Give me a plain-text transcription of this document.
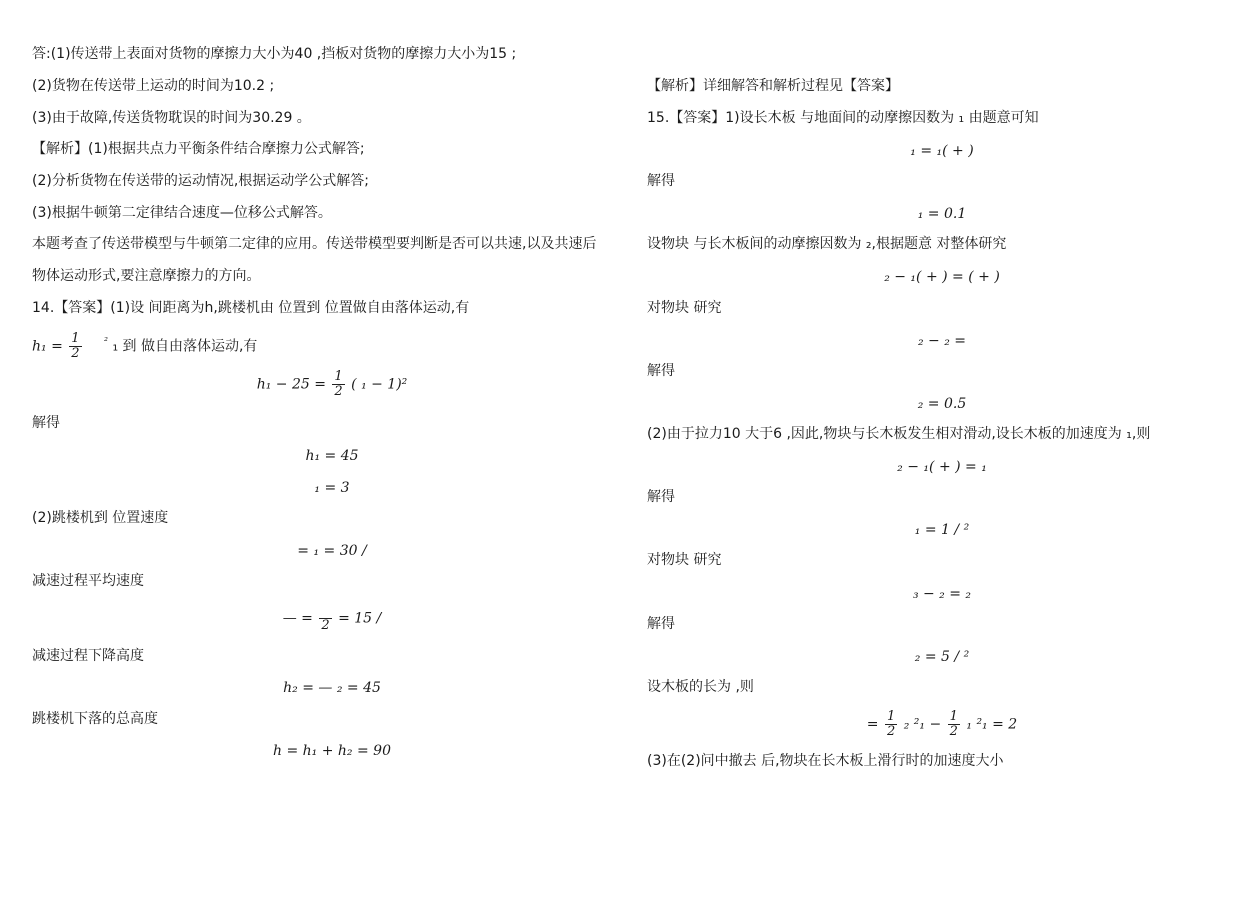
答:(1)传送带上表面对货物的摩擦力大小为40 ,挡板对货物的摩擦力大小为15 ;
(2)货物在传送带上运动的时间为10.2 ;
(3)由于故障,传送货物耽误的时间为30.29 。
【解析】(1)根据共点力平衡条件结合摩擦力公式解答;
(2)分析货物在传送带的运动情况,根据运动学公式解答;
(3)根据牛顿第二定律结合速度—位移公式解答。
本题考查了传送带模型与牛顿第二定律的应用。传送带模型要判断是否可以共速,以及共速后
物体运动形式,要注意摩擦力的方向。
14.【答案】(1)设 间距离为h,跳楼机由 位置到 位置做自由落体运动,有
$h_1 = \frac{1}{2} ^{^2}$ ₁ 到 做自由落体运动,有
$h_1 - 25 = \frac{1}{2}$ ( ₁ − 1)²
解得
h₁ = 45
₁ = 3
(2)跳楼机到 位置速度
= ₁ = 30 /
减速过程平均速度
— =
2 = 15 /
减速过程下降高度
h₂ = — ₂ = 45
跳楼机下落的总高度
h = h₁ + h₂ = 90
【解析】详细解答和解析过程见【答案】
15.【答案】1)设长木板 与地面间的动摩擦因数为 ₁ 由题意可知
₁ = ₁( + )
解得
₁ = 0.1
设物块 与长木板间的动摩擦因数为 ₂,根据题意 对整体研究
₂ − ₁( + ) = ( + )
对物块 研究
₂ − ₂ =
解得
₂ = 0.5
(2)由于拉力10 大于6 ,因此,物块与长木板发生相对滑动,设长木板的加速度为 ₁,则
₂ − ₁( + ) = ₁
解得
₁ = 1 / ²
对物块 研究
₃ − ₂ = ₂
解得
₂ = 5 / ²
设木板的长为 ,则
= $\frac{1}{2} _2$ $^2_1 - \frac{1}{2} _1$ ²₁ = 2
(3)在(2)问中撤去 后,物块在长木板上滑行时的加速度大小
